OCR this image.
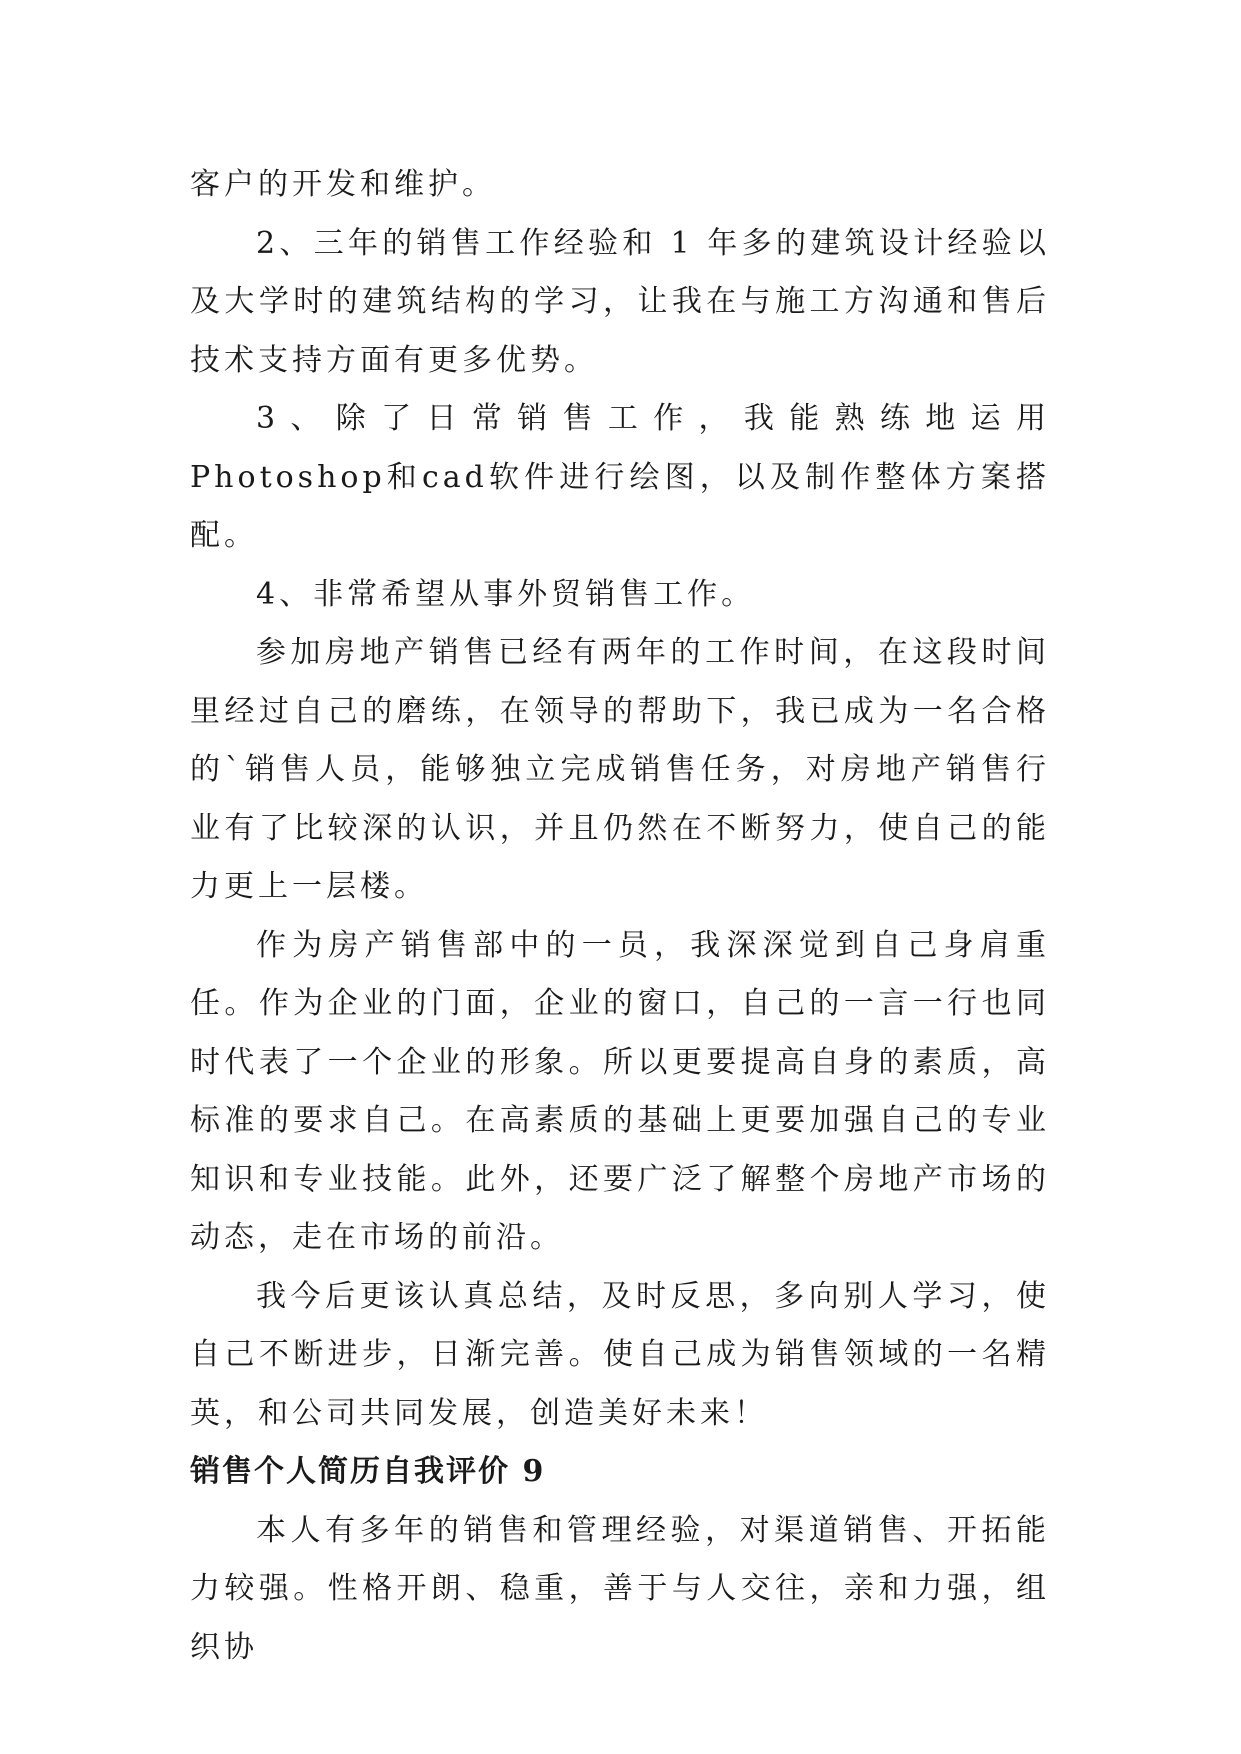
客户的开发和维护。

2、三年的销售工作经验和 1 年多的建筑设计经验以及大学时的建筑结构的学习，让我在与施工方沟通和售后技术支持方面有更多优势。

3、除了日常销售工作，我能熟练地运用Photoshop和cad软件进行绘图，以及制作整体方案搭配。

4、非常希望从事外贸销售工作。

参加房地产销售已经有两年的工作时间，在这段时间里经过自己的磨练，在领导的帮助下，我已成为一名合格的`销售人员，能够独立完成销售任务，对房地产销售行业有了比较深的认识，并且仍然在不断努力，使自己的能力更上一层楼。

作为房产销售部中的一员，我深深觉到自己身肩重任。作为企业的门面，企业的窗口，自己的一言一行也同时代表了一个企业的形象。所以更要提高自身的素质，高标准的要求自己。在高素质的基础上更要加强自己的专业知识和专业技能。此外，还要广泛了解整个房地产市场的动态，走在市场的前沿。

我今后更该认真总结，及时反思，多向别人学习，使自己不断进步，日渐完善。使自己成为销售领域的一名精英，和公司共同发展，创造美好未来！

销售个人简历自我评价 9

本人有多年的销售和管理经验，对渠道销售、开拓能力较强。性格开朗、稳重，善于与人交往，亲和力强，组织协
